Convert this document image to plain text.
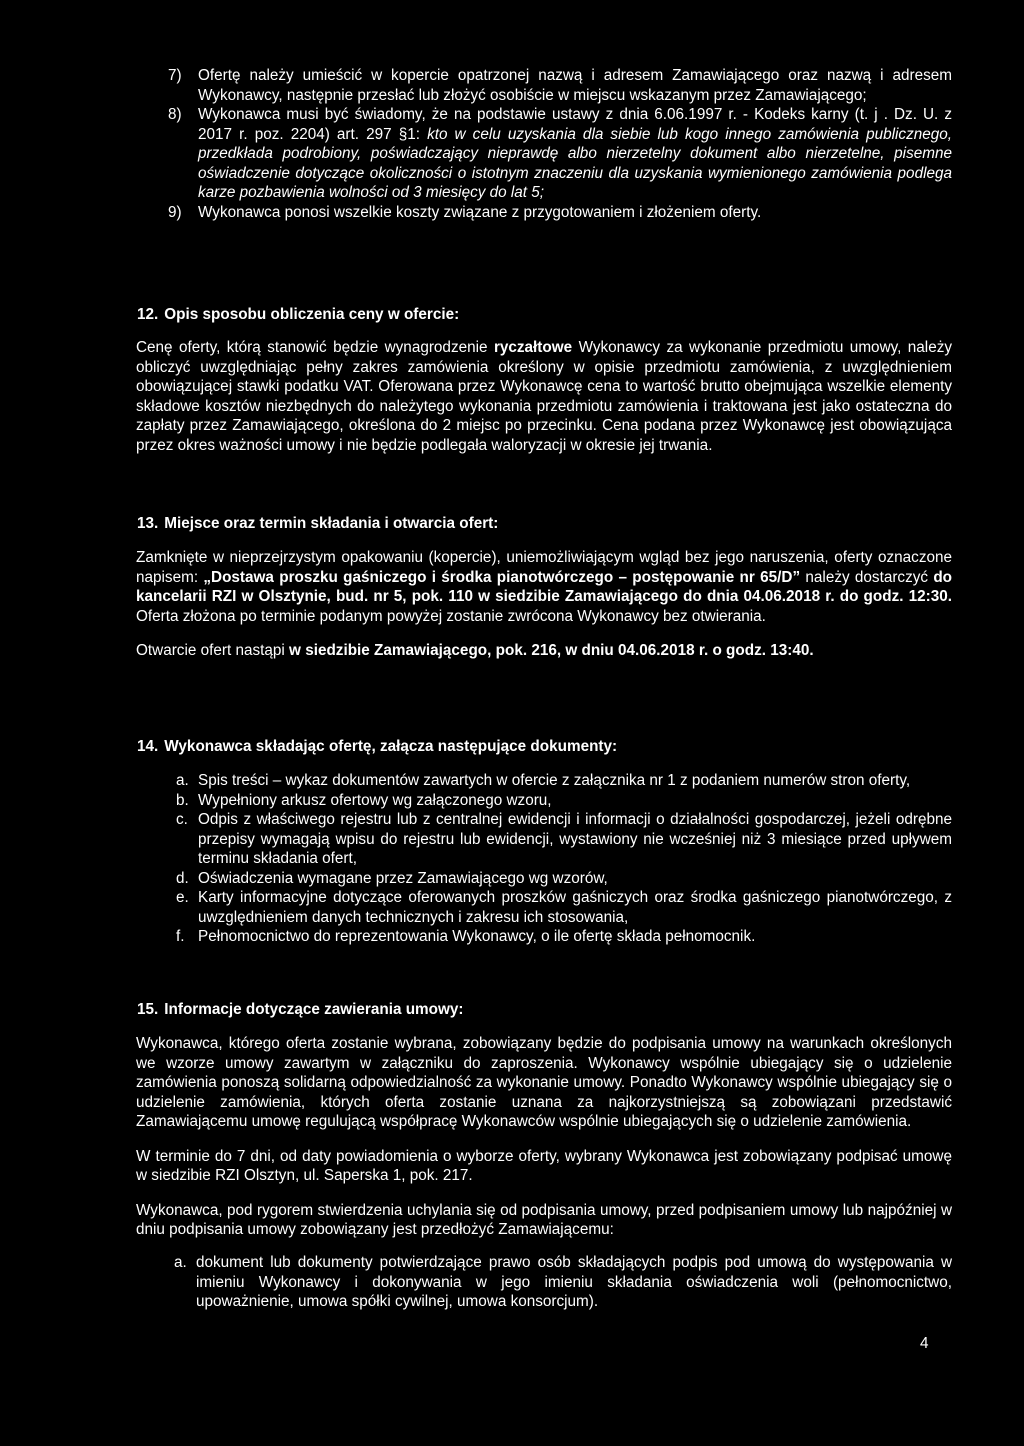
7)	Ofertę należy umieścić w kopercie opatrzonej nazwą i adresem Zamawiającego oraz nazwą i adresem Wykonawcy, następnie przesłać lub złożyć osobiście w miejscu wskazanym przez Zamawiającego;
8)	Wykonawca musi być świadomy, że na podstawie ustawy z dnia 6.06.1997 r. - Kodeks karny (t. j . Dz. U. z 2017 r. poz. 2204) art. 297 §1: kto w celu uzyskania dla siebie lub kogo innego zamówienia publicznego, przedkłada podrobiony, poświadczający nieprawdę albo nierzetelny dokument albo nierzetelne, pisemne oświadczenie dotyczące okoliczności o istotnym znaczeniu dla uzyskania wymienionego zamówienia podlega karze pozbawienia wolności od 3 miesięcy do lat 5;
9)	Wykonawca ponosi wszelkie koszty związane z przygotowaniem i złożeniem oferty.
12. Opis sposobu obliczenia ceny w ofercie:

Cenę oferty, którą stanowić będzie wynagrodzenie ryczałtowe Wykonawcy za wykonanie przedmiotu umowy, należy obliczyć uwzględniając pełny zakres zamówienia określony w opisie przedmiotu zamówienia, z uwzględnieniem obowiązującej stawki podatku VAT. Oferowana przez Wykonawcę cena to wartość brutto obejmująca wszelkie elementy składowe kosztów niezbędnych do należytego wykonania przedmiotu zamówienia i traktowana jest jako ostateczna do zapłaty przez Zamawiającego, określona do 2 miejsc po przecinku. Cena podana przez Wykonawcę jest obowiązująca przez okres ważności umowy i nie będzie podlegała waloryzacji w okresie jej trwania.

13. Miejsce oraz termin składania i otwarcia ofert:

Zamknięte w nieprzejrzystym opakowaniu (kopercie), uniemożliwiającym wgląd bez jego naruszenia, oferty oznaczone napisem: „Dostawa proszku gaśniczego i środka pianotwórczego – postępowanie nr 65/D” należy dostarczyć do kancelarii RZI w Olsztynie, bud. nr 5, pok. 110 w siedzibie Zamawiającego do dnia 04.06.2018 r. do godz. 12:30. Oferta złożona po terminie podanym powyżej zostanie zwrócona Wykonawcy bez otwierania.

Otwarcie ofert nastąpi w siedzibie Zamawiającego, pok. 216, w dniu 04.06.2018 r. o godz. 13:40.

14. Wykonawca składając ofertę, załącza następujące dokumenty:
a. Spis treści – wykaz dokumentów zawartych w ofercie z załącznika nr 1 z podaniem numerów stron oferty,
b. Wypełniony arkusz ofertowy wg załączonego wzoru,
c. Odpis z właściwego rejestru lub z centralnej ewidencji i informacji o działalności gospodarczej, jeżeli odrębne przepisy wymagają wpisu do rejestru lub ewidencji, wystawiony nie wcześniej niż 3 miesiące przed upływem terminu składania ofert,
d. Oświadczenia wymagane przez Zamawiającego wg wzorów,
e. Karty informacyjne dotyczące oferowanych proszków gaśniczych oraz środka gaśniczego pianotwórczego, z uwzględnieniem danych technicznych i zakresu ich stosowania,
f. Pełnomocnictwo do reprezentowania Wykonawcy, o ile ofertę składa pełnomocnik.
15. Informacje dotyczące zawierania umowy:

Wykonawca, którego oferta zostanie wybrana, zobowiązany będzie do podpisania umowy na warunkach określonych we wzorze umowy zawartym w załączniku do zaproszenia. Wykonawcy wspólnie ubiegający się o udzielenie zamówienia ponoszą solidarną odpowiedzialność za wykonanie umowy. Ponadto Wykonawcy wspólnie ubiegający się o udzielenie zamówienia, których oferta zostanie uznana za najkorzystniejszą są zobowiązani przedstawić Zamawiającemu umowę regulującą współpracę Wykonawców wspólnie ubiegających się o udzielenie zamówienia.

W terminie do 7 dni, od daty powiadomienia o wyborze oferty, wybrany Wykonawca jest zobowiązany podpisać umowę w siedzibie RZI Olsztyn, ul. Saperska 1, pok. 217.

Wykonawca, pod rygorem stwierdzenia uchylania się od podpisania umowy, przed podpisaniem umowy lub najpóźniej w dniu podpisania umowy zobowiązany jest przedłożyć Zamawiającemu:

a. dokument lub dokumenty potwierdzające prawo osób składających podpis pod umową do występowania w imieniu Wykonawcy i dokonywania w jego imieniu składania oświadczenia woli (pełnomocnictwo, upoważnienie, umowa spółki cywilnej, umowa konsorcjum).
4
